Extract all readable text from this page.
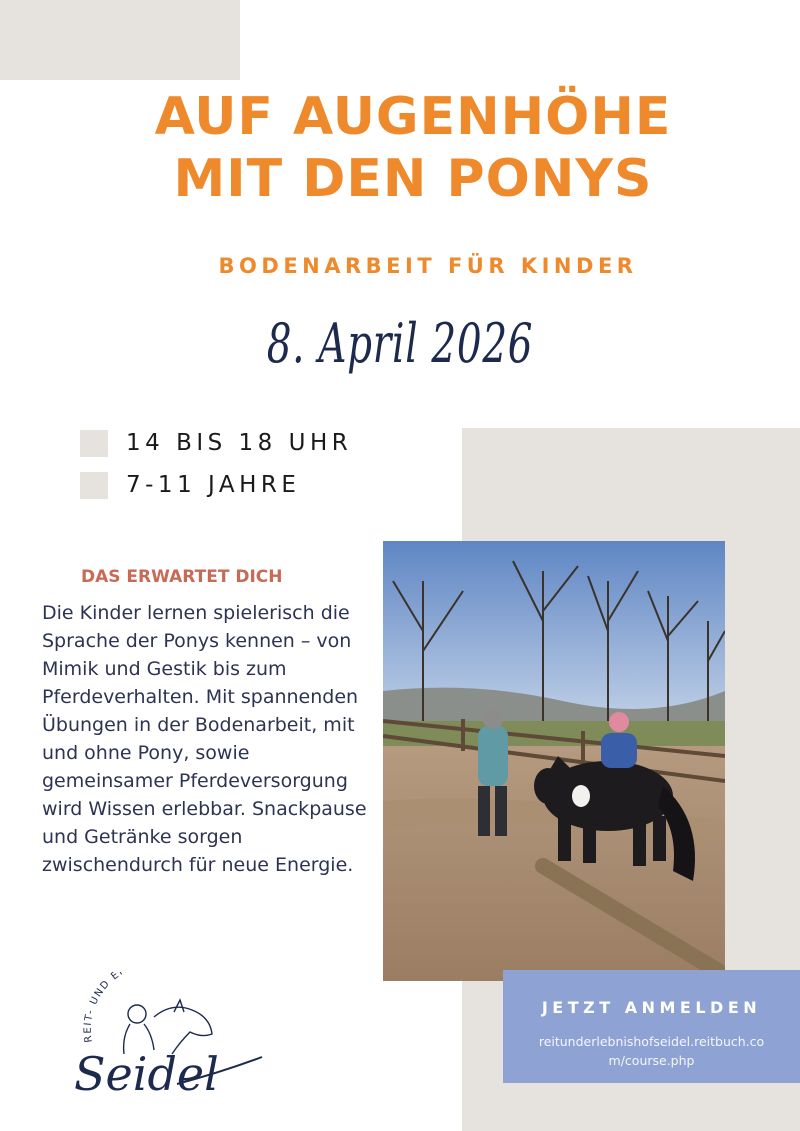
AUF AUGENHÖHE
MIT DEN PONYS
BODENARBEIT FÜR KINDER
8. April 2026
14 BIS 18 UHR
7-11 JAHRE
DAS ERWARTET DICH

Die Kinder lernen spielerisch die Sprache der Ponys kennen – von Mimik und Gestik bis zum Pferdeverhalten. Mit spannenden Übungen in der Bodenarbeit, mit und ohne Pony, sowie gemeinsamer Pferdeversorgung wird Wissen erlebbar. Snackpause und Getränke sorgen zwischendurch für neue Energie.

JETZT ANMELDEN
reitunderlebnishofseidel.reitbuch.com/course.php
REIT- UND E
Seidel
